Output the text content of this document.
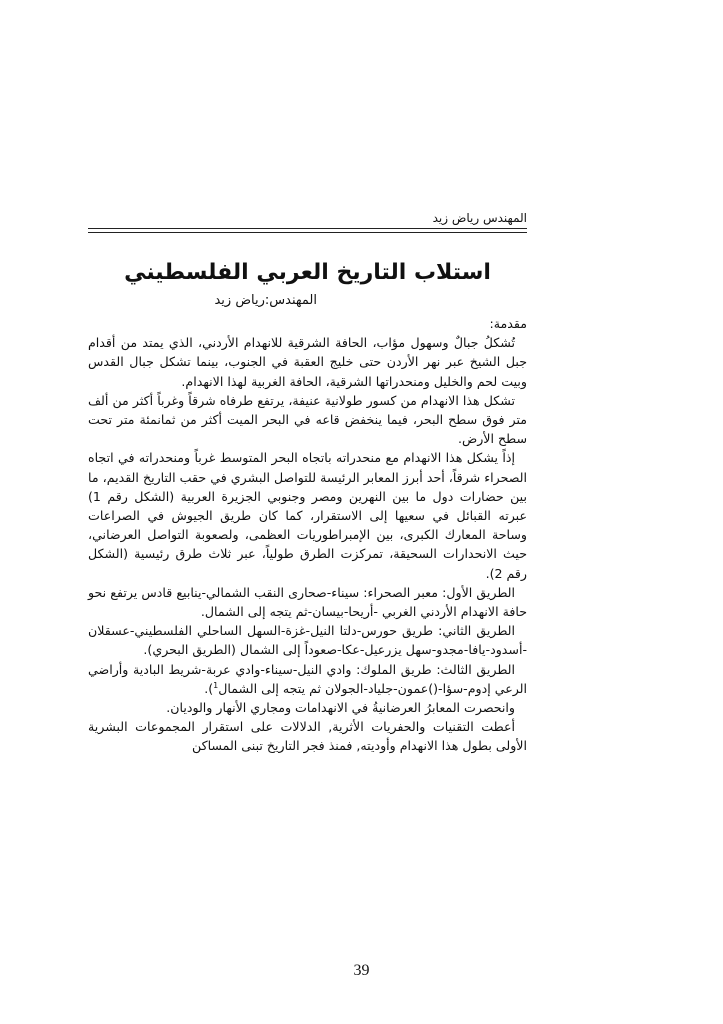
المهندس رياض زيد
استلاب التاريخ العربي الفلسطيني
المهندس:رياض زيد

مقدمة:

تُشكلُ جبالٌ وسهول مؤاب، الحافة الشرقية للانهدام الأردني، الذي يمتد من أقدام جبل الشيخ عبر نهر الأردن حتى خليج العقبة في الجنوب، بينما تشكل جبال القدس وبيت لحم والخليل ومنحدراتها الشرقية، الحافة الغربية لهذا الانهدام.

تشكل هذا الانهدام من كسور طولانية عنيفة، يرتفع طرفاه شرقاً وغرباً أكثر من ألف متر فوق سطح البحر، فيما ينخفض قاعه في البحر الميت أكثر من ثمانمئة متر تحت سطح الأرض.

إذاً يشكل هذا الانهدام مع منحدراته باتجاه البحر المتوسط غرباً ومنحدراته في اتجاه الصحراء شرقاً، أحد أبرز المعابر الرئيسة للتواصل البشري في حقب التاريخ القديم، ما بين حضارات دول ما بين النهرين ومصر وجنوبي الجزيرة العربية (الشكل رقم 1) عبرته القبائل في سعيها إلى الاستقرار، كما كان طريق الجيوش في الصراعات وساحة المعارك الكبرى، بين الإمبراطوريات العظمى، ولصعوبة التواصل العرضاني، حيث الانحدارات السحيقة، تمركزت الطرق طولياً، عبر ثلاث طرق رئيسية (الشكل رقم 2).

الطريق الأول: معبر الصحراء: سيناء-صحارى النقب الشمالي-ينابيع قادس يرتفع نحو حافة الانهدام الأردني الغربي -أريحا-بيسان-ثم يتجه إلى الشمال.

الطريق الثاني: طريق حورس-دلتا النيل-غزة-السهل الساحلي الفلسطيني-عسقلان -أسدود-يافا-مجدو-سهل يزرعيل-عكا-صعوداً إلى الشمال (الطريق البحري).

الطريق الثالث: طريق الملوك: وادي النيل-سيناء-وادي عربة-شريط البادية وأراضي الرعي إدوم-سؤا-()عمون-جلياد-الجولان ثم يتجه إلى الشمال$^1$).

وانحصرت المعابرُ العرضانيةُ في الانهدامات ومجاري الأنهار والوديان.

أعطت التقنيات والحفريات الأثرية, الدلالات على استقرار المجموعات البشرية الأولى بطول هذا الانهدام وأوديته, فمنذ فجر التاريخ تبنى المساكن

39
